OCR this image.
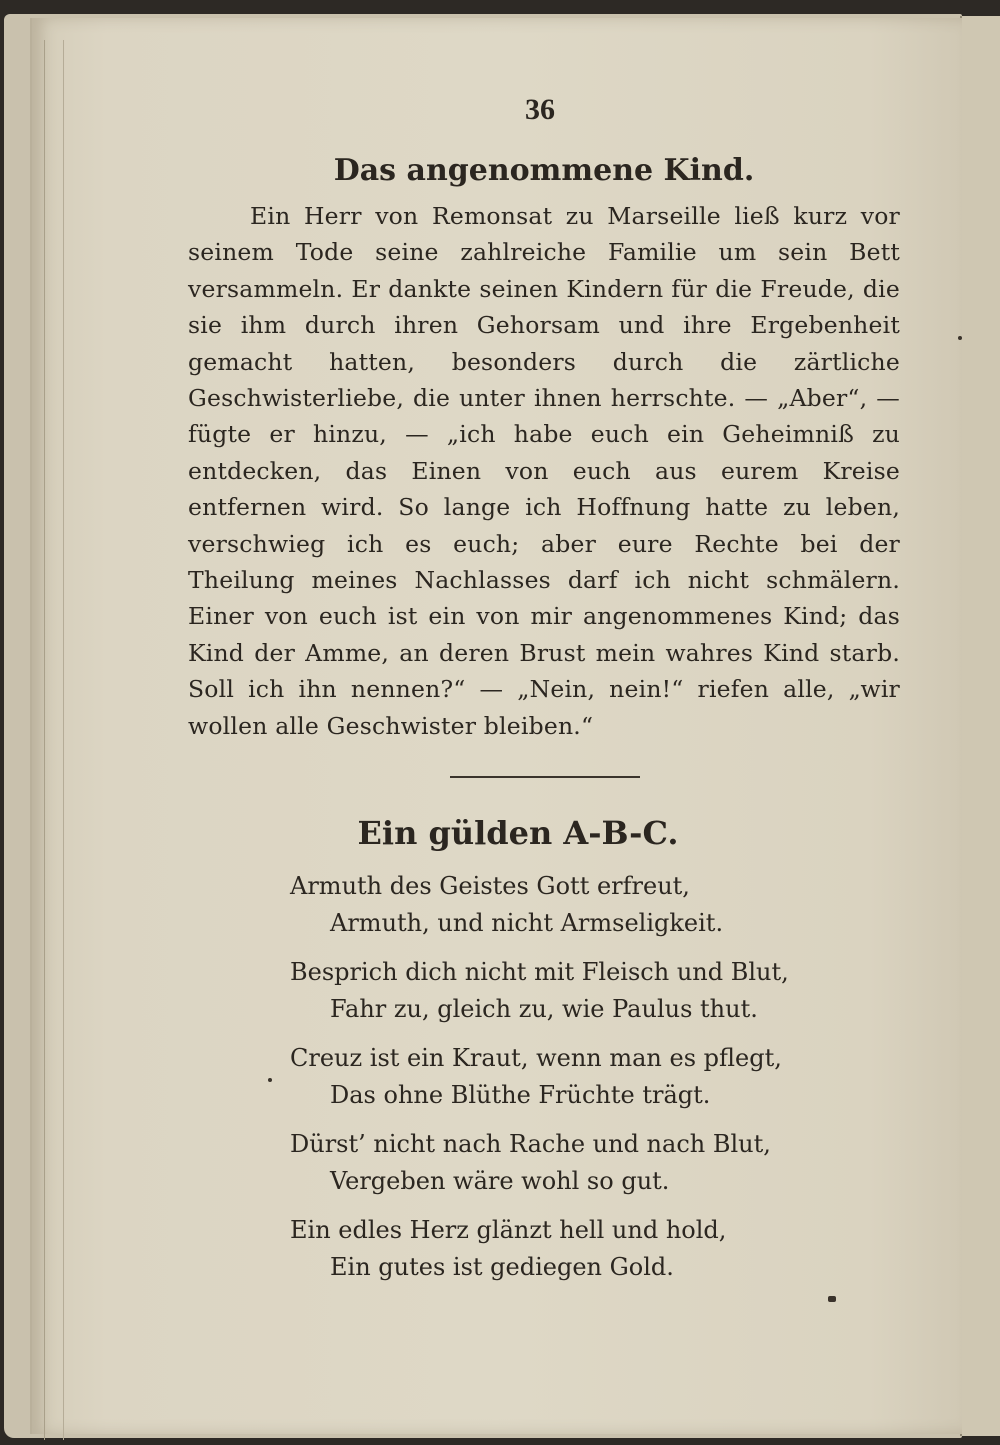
36
Das angenommene Kind.
Ein Herr von Remonsat zu Marseille ließ kurz vor seinem Tode seine zahlreiche Familie um sein Bett versammeln. Er dankte seinen Kindern für die Freude, die sie ihm durch ihren Gehorsam und ihre Ergebenheit gemacht hatten, besonders durch die zärtliche Geschwisterliebe, die unter ihnen herrschte. — „Aber“, — fügte er hinzu, — „ich habe euch ein Geheimniß zu entdecken, das Einen von euch aus eurem Kreise entfernen wird. So lange ich Hoffnung hatte zu leben, verschwieg ich es euch; aber eure Rechte bei der Theilung meines Nachlasses darf ich nicht schmälern. Einer von euch ist ein von mir angenommenes Kind; das Kind der Amme, an deren Brust mein wahres Kind starb. Soll ich ihn nennen?“ — „Nein, nein!“ riefen alle, „wir wollen alle Geschwister bleiben.“
Ein gülden A-B-C.
Armuth des Geistes Gott erfreut,
Armuth, und nicht Armseligkeit.
Besprich dich nicht mit Fleisch und Blut,
Fahr zu, gleich zu, wie Paulus thut.
Creuz ist ein Kraut, wenn man es pflegt,
Das ohne Blüthe Früchte trägt.
Dürst’ nicht nach Rache und nach Blut,
Vergeben wäre wohl so gut.
Ein edles Herz glänzt hell und hold,
Ein gutes ist gediegen Gold.
